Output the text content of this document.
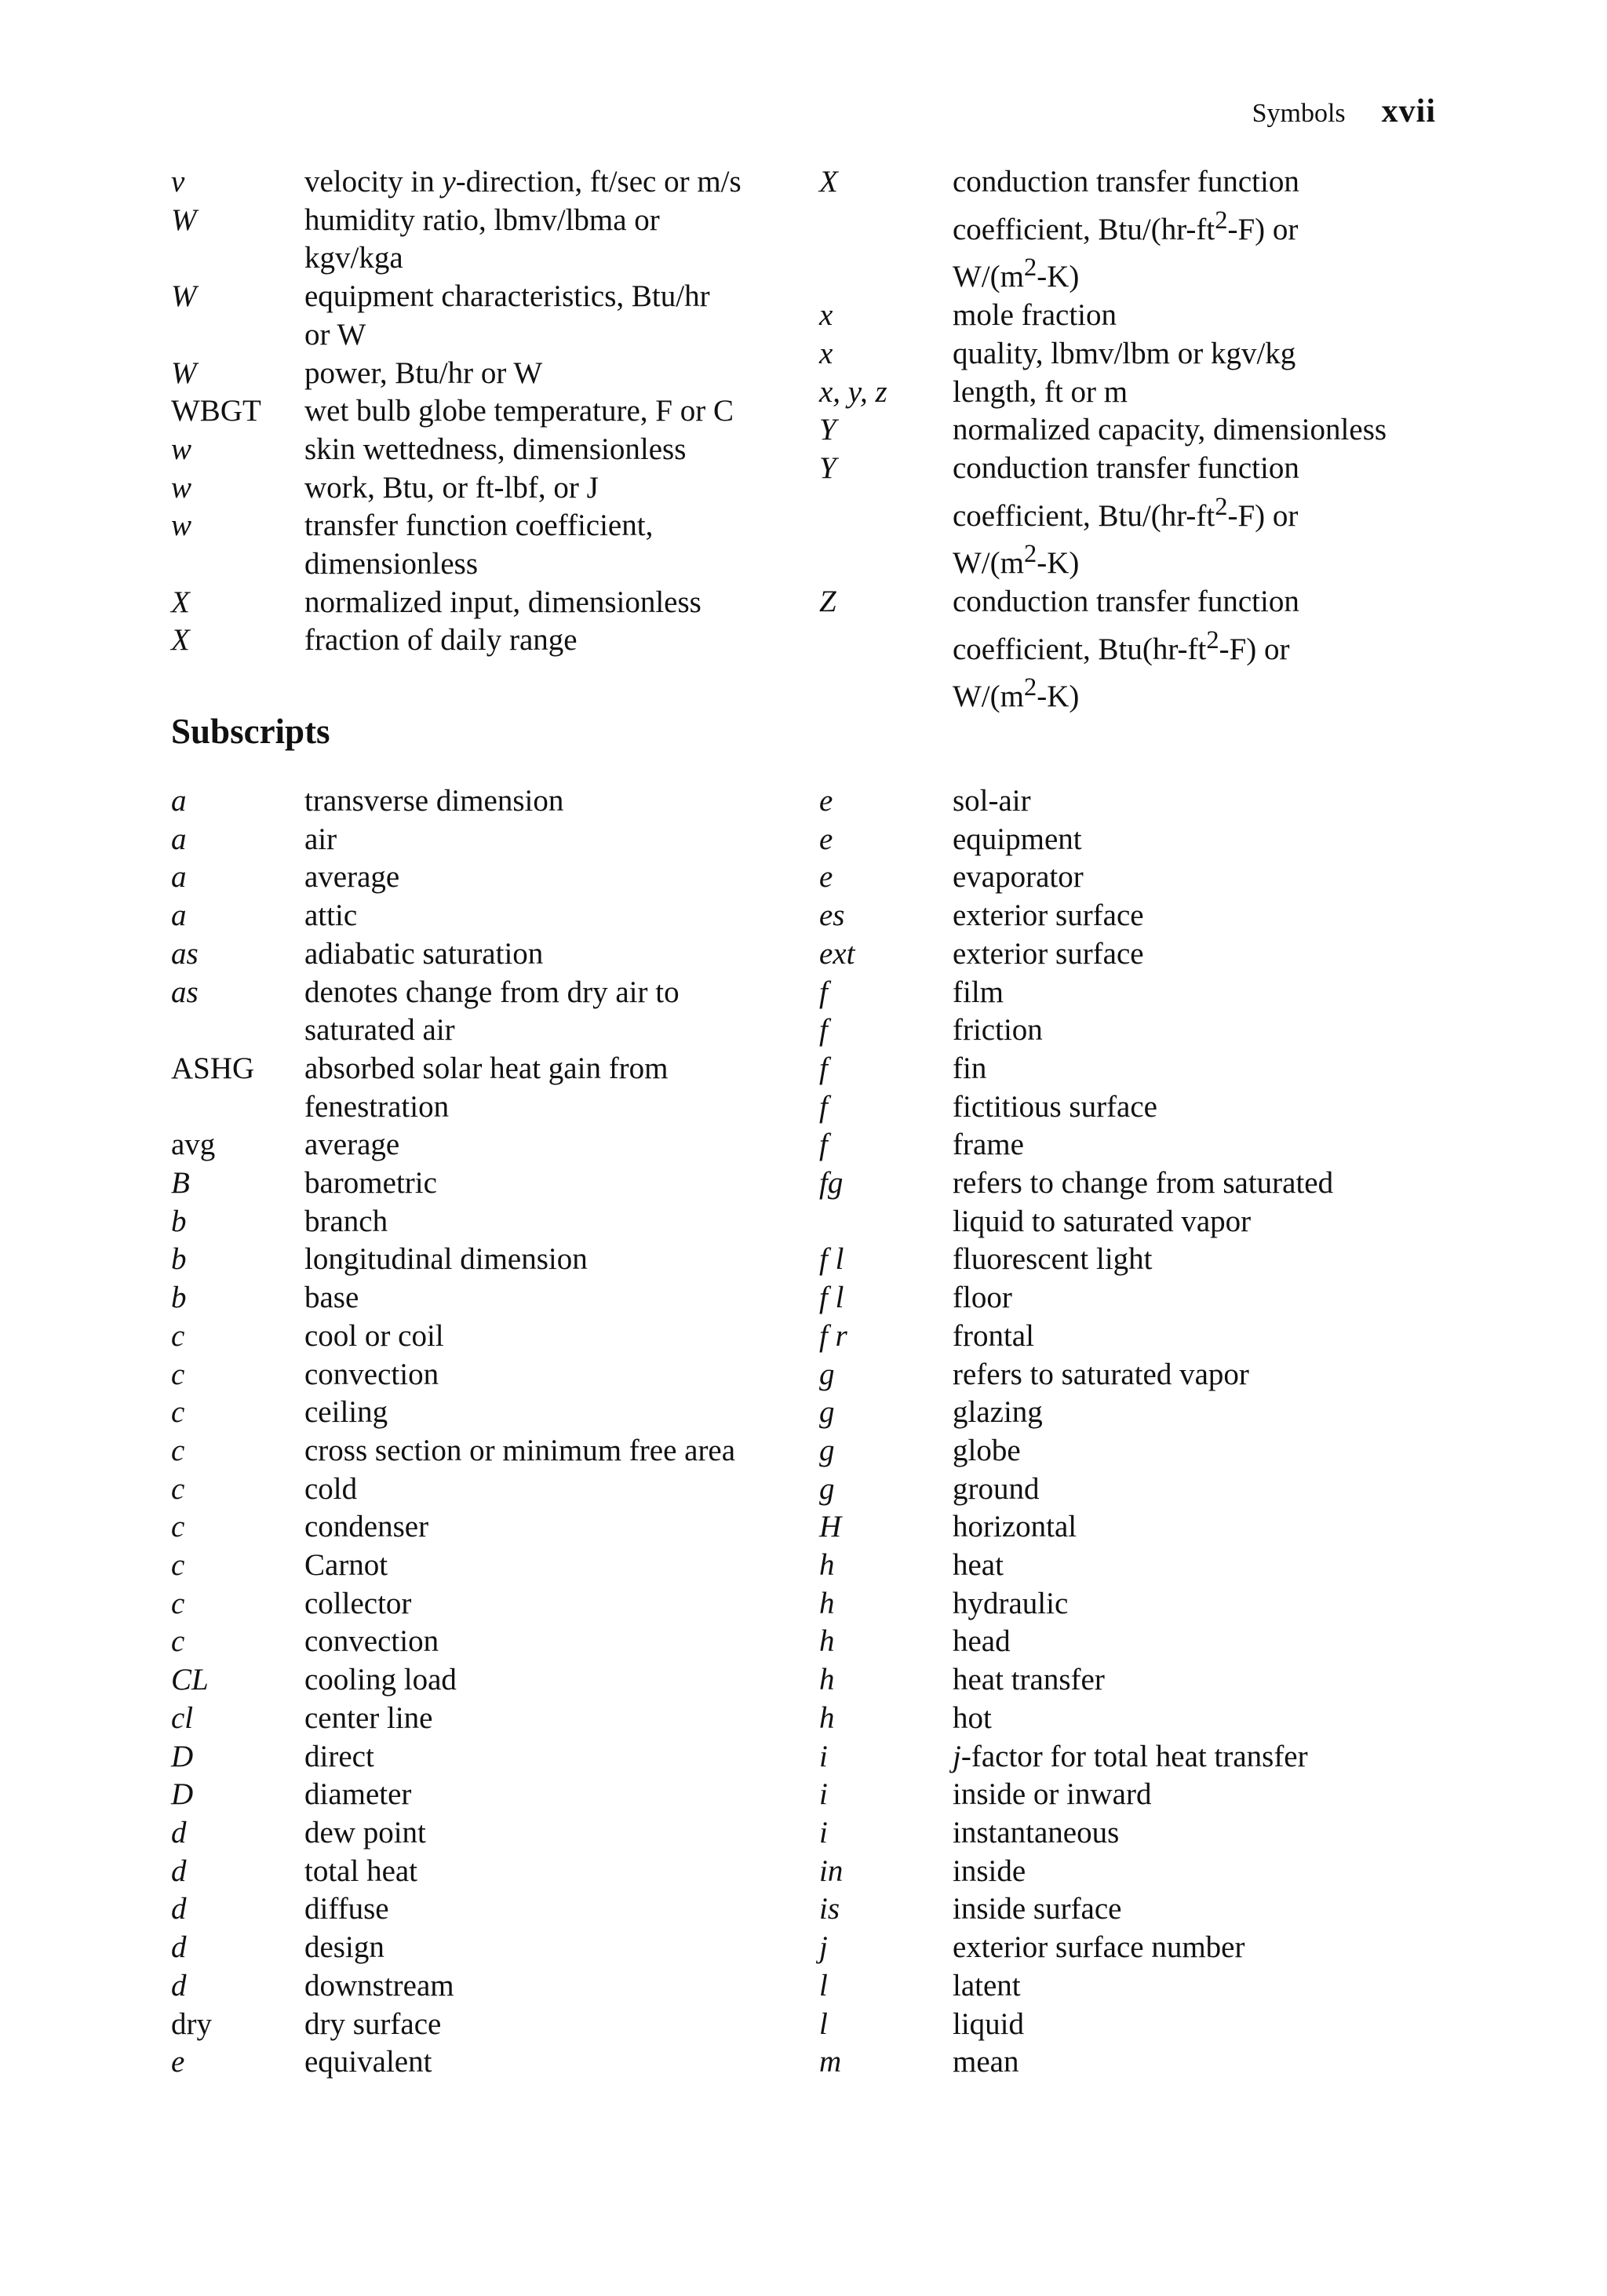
Symbols xvii
v	velocity in y-direction, ft/sec or m/s
W	humidity ratio, lbmv/lbma or
kgv/kga
W	equipment characteristics, Btu/hr
or W
W	power, Btu/hr or W
WBGT	wet bulb globe temperature, F or C
w	skin wettedness, dimensionless
w	work, Btu, or ft-lbf, or J
w	transfer function coefficient,
dimensionless
X	normalized input, dimensionless
X	fraction of daily range
X	conduction transfer function
coefficient, Btu/$(hr-ft^2-F)$ or
$W/(m^2-K)$
x	mole fraction
x	quality, lbmv/lbm or kgv/kg
x, y, z	length, ft or m
Y	normalized capacity, dimensionless
Y	conduction transfer function
coefficient, Btu/$(hr-ft^2-F)$ or
$W/(m^2-K)$
Z	conduction transfer function
coefficient, $Btu(hr-ft^2-F)$ or
$W/(m^2-K)$
Subscripts
a	transverse dimension
a	air
a	average
a	attic
as	adiabatic saturation
as	denotes change from dry air to
saturated air
ASHG	absorbed solar heat gain from
fenestration
avg	average
B	barometric
b	branch
b	longitudinal dimension
b	base
c	cool or coil
c	convection
c	ceiling
c	cross section or minimum free area
c	cold
c	condenser
c	Carnot
c	collector
c	convection
CL	cooling load
cl	center line
D	direct
D	diameter
d	dew point
d	total heat
d	diffuse
d	design
d	downstream
dry	dry surface
e	equivalent
e	sol-air
e	equipment
e	evaporator
es	exterior surface
ext	exterior surface
f	film
f	friction
f	fin
f	fictitious surface
f	frame
fg	refers to change from saturated
liquid to saturated vapor
f l	fluorescent light
f l	floor
f r	frontal
g	refers to saturated vapor
g	glazing
g	globe
g	ground
H	horizontal
h	heat
h	hydraulic
h	head
h	heat transfer
h	hot
i	j-factor for total heat transfer
i	inside or inward
i	instantaneous
in	inside
is	inside surface
j	exterior surface number
l	latent
l	liquid
m	mean
